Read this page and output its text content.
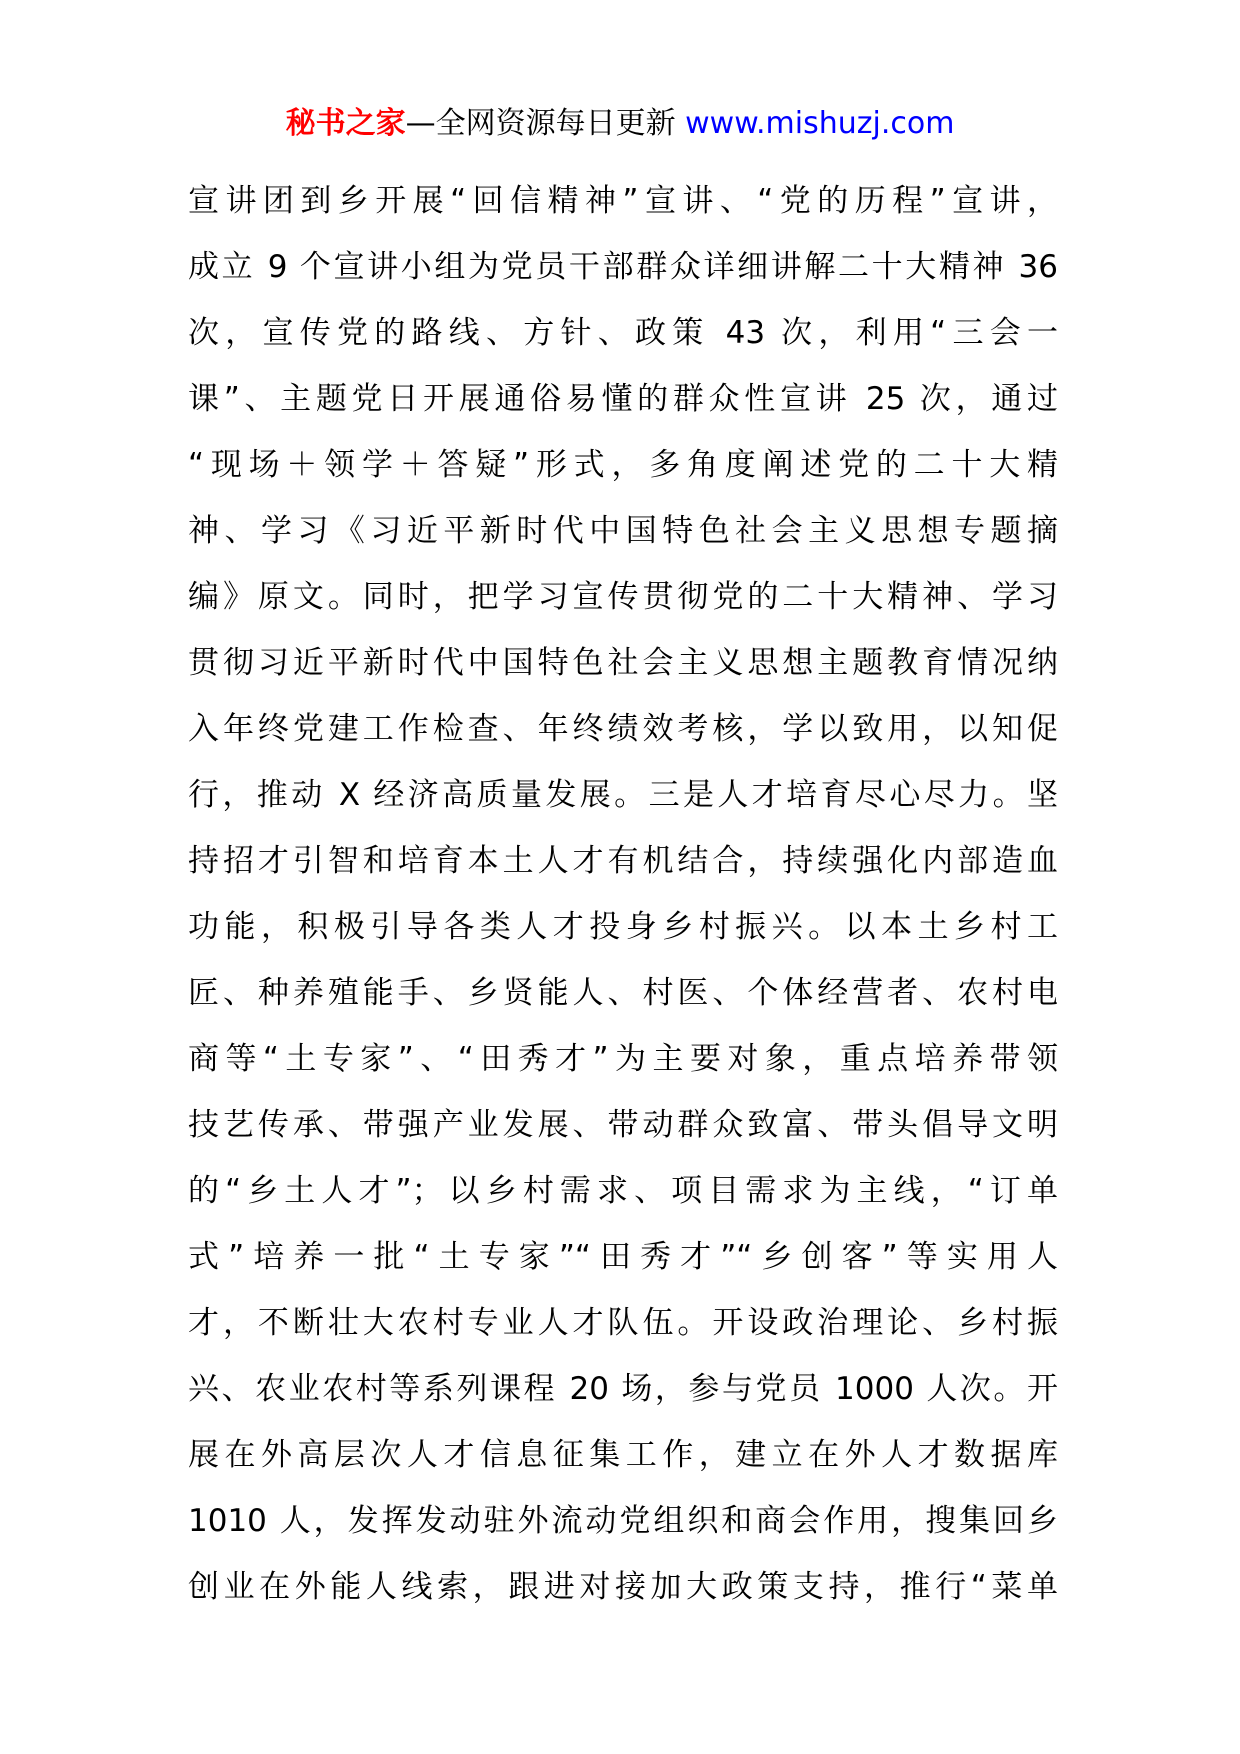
秘书之家—全网资源每日更新 www.mishuzj.com
宣讲团到乡开展“回信精神”宣讲、“党的历程”宣讲，
成立 9 个宣讲小组为党员干部群众详细讲解二十大精神 36
次，宣传党的路线、方针、政策 43 次，利用“三会一
课”、主题党日开展通俗易懂的群众性宣讲 25 次，通过
“现场＋领学＋答疑”形式，多角度阐述党的二十大精
神、学习《习近平新时代中国特色社会主义思想专题摘
编》原文。同时，把学习宣传贯彻党的二十大精神、学习
贯彻习近平新时代中国特色社会主义思想主题教育情况纳
入年终党建工作检查、年终绩效考核，学以致用，以知促
行，推动 X 经济高质量发展。三是人才培育尽心尽力。坚
持招才引智和培育本土人才有机结合，持续强化内部造血
功能，积极引导各类人才投身乡村振兴。以本土乡村工
匠、种养殖能手、乡贤能人、村医、个体经营者、农村电
商等“土专家”、“田秀才”为主要对象，重点培养带领
技艺传承、带强产业发展、带动群众致富、带头倡导文明
的“乡土人才”；以乡村需求、项目需求为主线，“订单
式”培养一批“土专家”“田秀才”“乡创客”等实用人
才，不断壮大农村专业人才队伍。开设政治理论、乡村振
兴、农业农村等系列课程 20 场，参与党员 1000 人次。开
展在外高层次人才信息征集工作，建立在外人才数据库
1010 人，发挥发动驻外流动党组织和商会作用，搜集回乡
创业在外能人线索，跟进对接加大政策支持，推行“菜单
